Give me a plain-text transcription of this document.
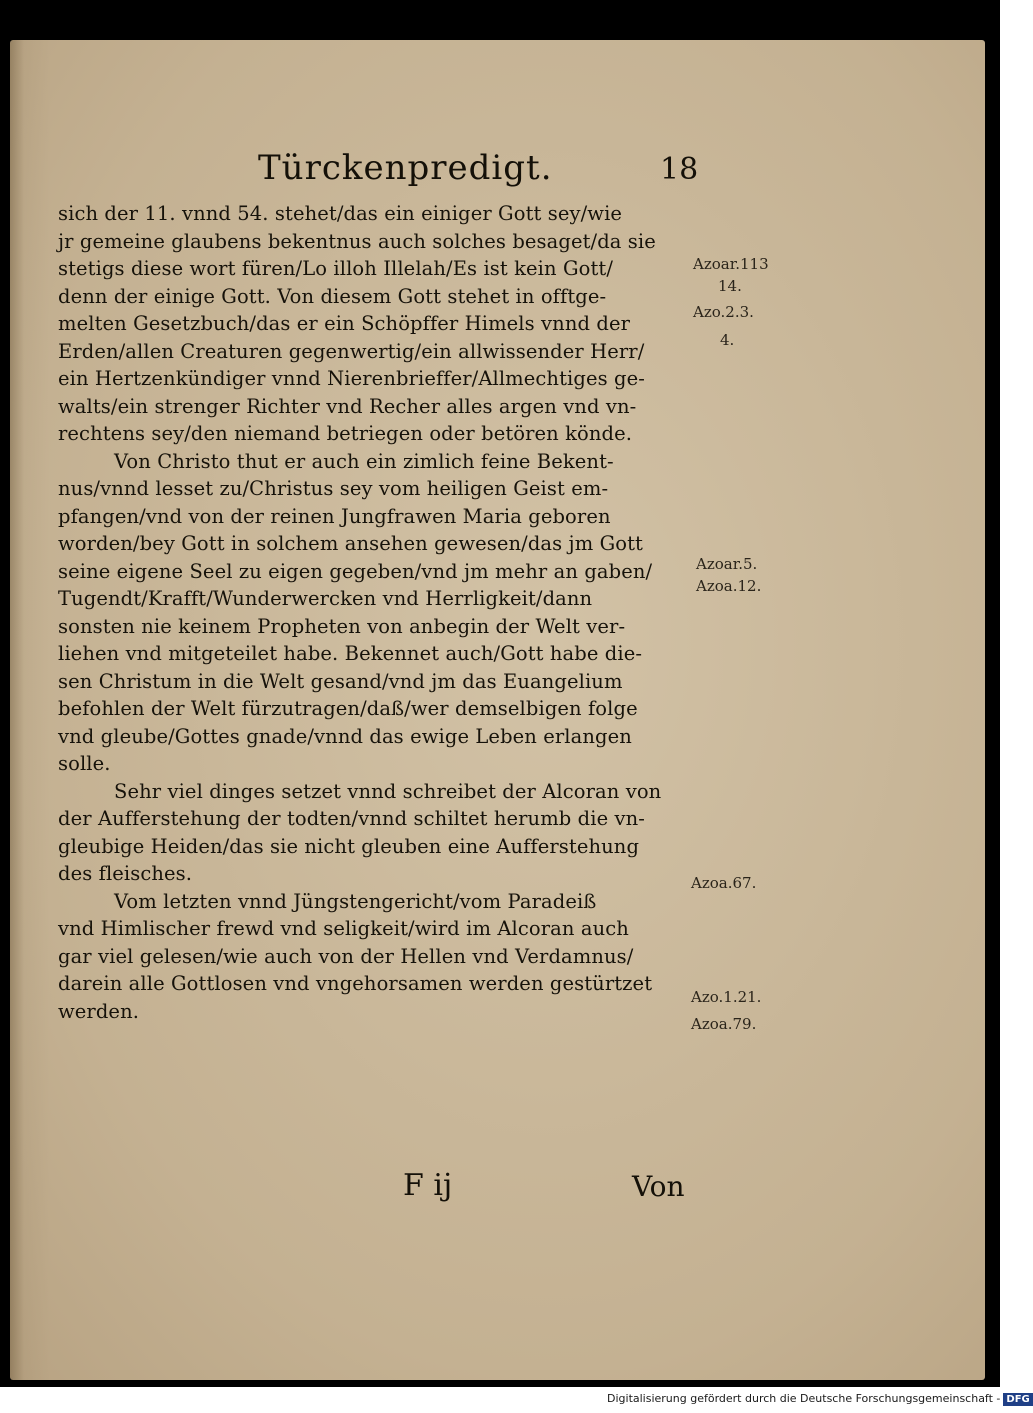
Türckenpredigt.	18
sich der 11. vnnd 54. stehet/das ein einiger Gott sey/wie
jr gemeine glaubens bekentnus auch solches besaget/da sie
stetigs diese wort füren/Lo illoh Illelah/Es ist kein Gott/
denn der einige Gott. Von diesem Gott stehet in offtge-
melten Gesetzbuch/das er ein Schöpffer Himels vnnd der
Erden/allen Creaturen gegenwertig/ein allwissender Herr/
ein Hertzenkündiger vnnd Nierenbrieffer/Allmechtiges ge-
walts/ein strenger Richter vnd Recher alles argen vnd vn-
rechtens sey/den niemand betriegen oder betören könde.
Von Christo thut er auch ein zimlich feine Bekent-
nus/vnnd lesset zu/Christus sey vom heiligen Geist em-
pfangen/vnd von der reinen Jungfrawen Maria geboren
worden/bey Gott in solchem ansehen gewesen/das jm Gott
seine eigene Seel zu eigen gegeben/vnd jm mehr an gaben/
Tugendt/Krafft/Wunderwercken vnd Herrligkeit/dann
sonsten nie keinem Propheten von anbegin der Welt ver-
liehen vnd mitgeteilet habe. Bekennet auch/Gott habe die-
sen Christum in die Welt gesand/vnd jm das Euangelium
befohlen der Welt fürzutragen/daß/wer demselbigen folge
vnd gleube/Gottes gnade/vnnd das ewige Leben erlangen
solle.
Sehr viel dinges setzet vnnd schreibet der Alcoran von
der Aufferstehung der todten/vnnd schiltet herumb die vn-
gleubige Heiden/das sie nicht gleuben eine Aufferstehung
des fleisches.
Vom letzten vnnd Jüngstengericht/vom Paradeiß
vnd Himlischer frewd vnd seligkeit/wird im Alcoran auch
gar viel gelesen/wie auch von der Hellen vnd Verdamnus/
darein alle Gottlosen vnd vngehorsamen werden gestürtzet
werden.
Azoar.113
14.
Azo.2.3.
4.
Azoar.5.
Azoa.12.
Azoa.67.
Azo.1.21.
Azoa.79.
F ij	Von
Digitalisierung gefördert durch die Deutsche Forschungsgemeinschaft - DFG
